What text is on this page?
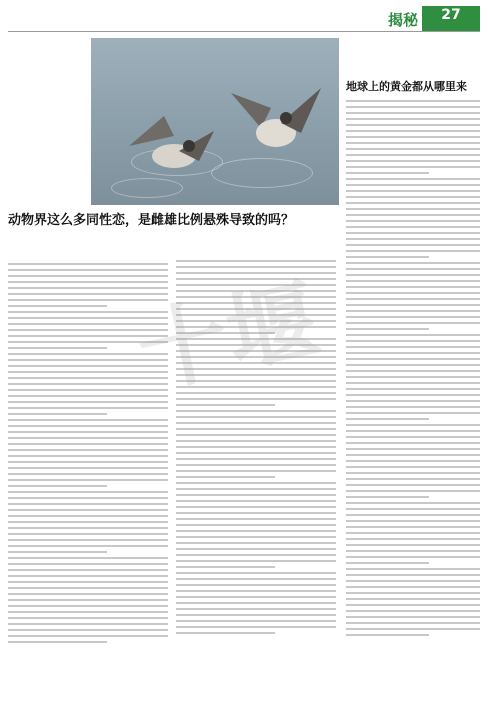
揭秘	27
动物界这么多同性恋，是雌雄比例悬殊导致的吗？
地球上的黄金都从哪里来
